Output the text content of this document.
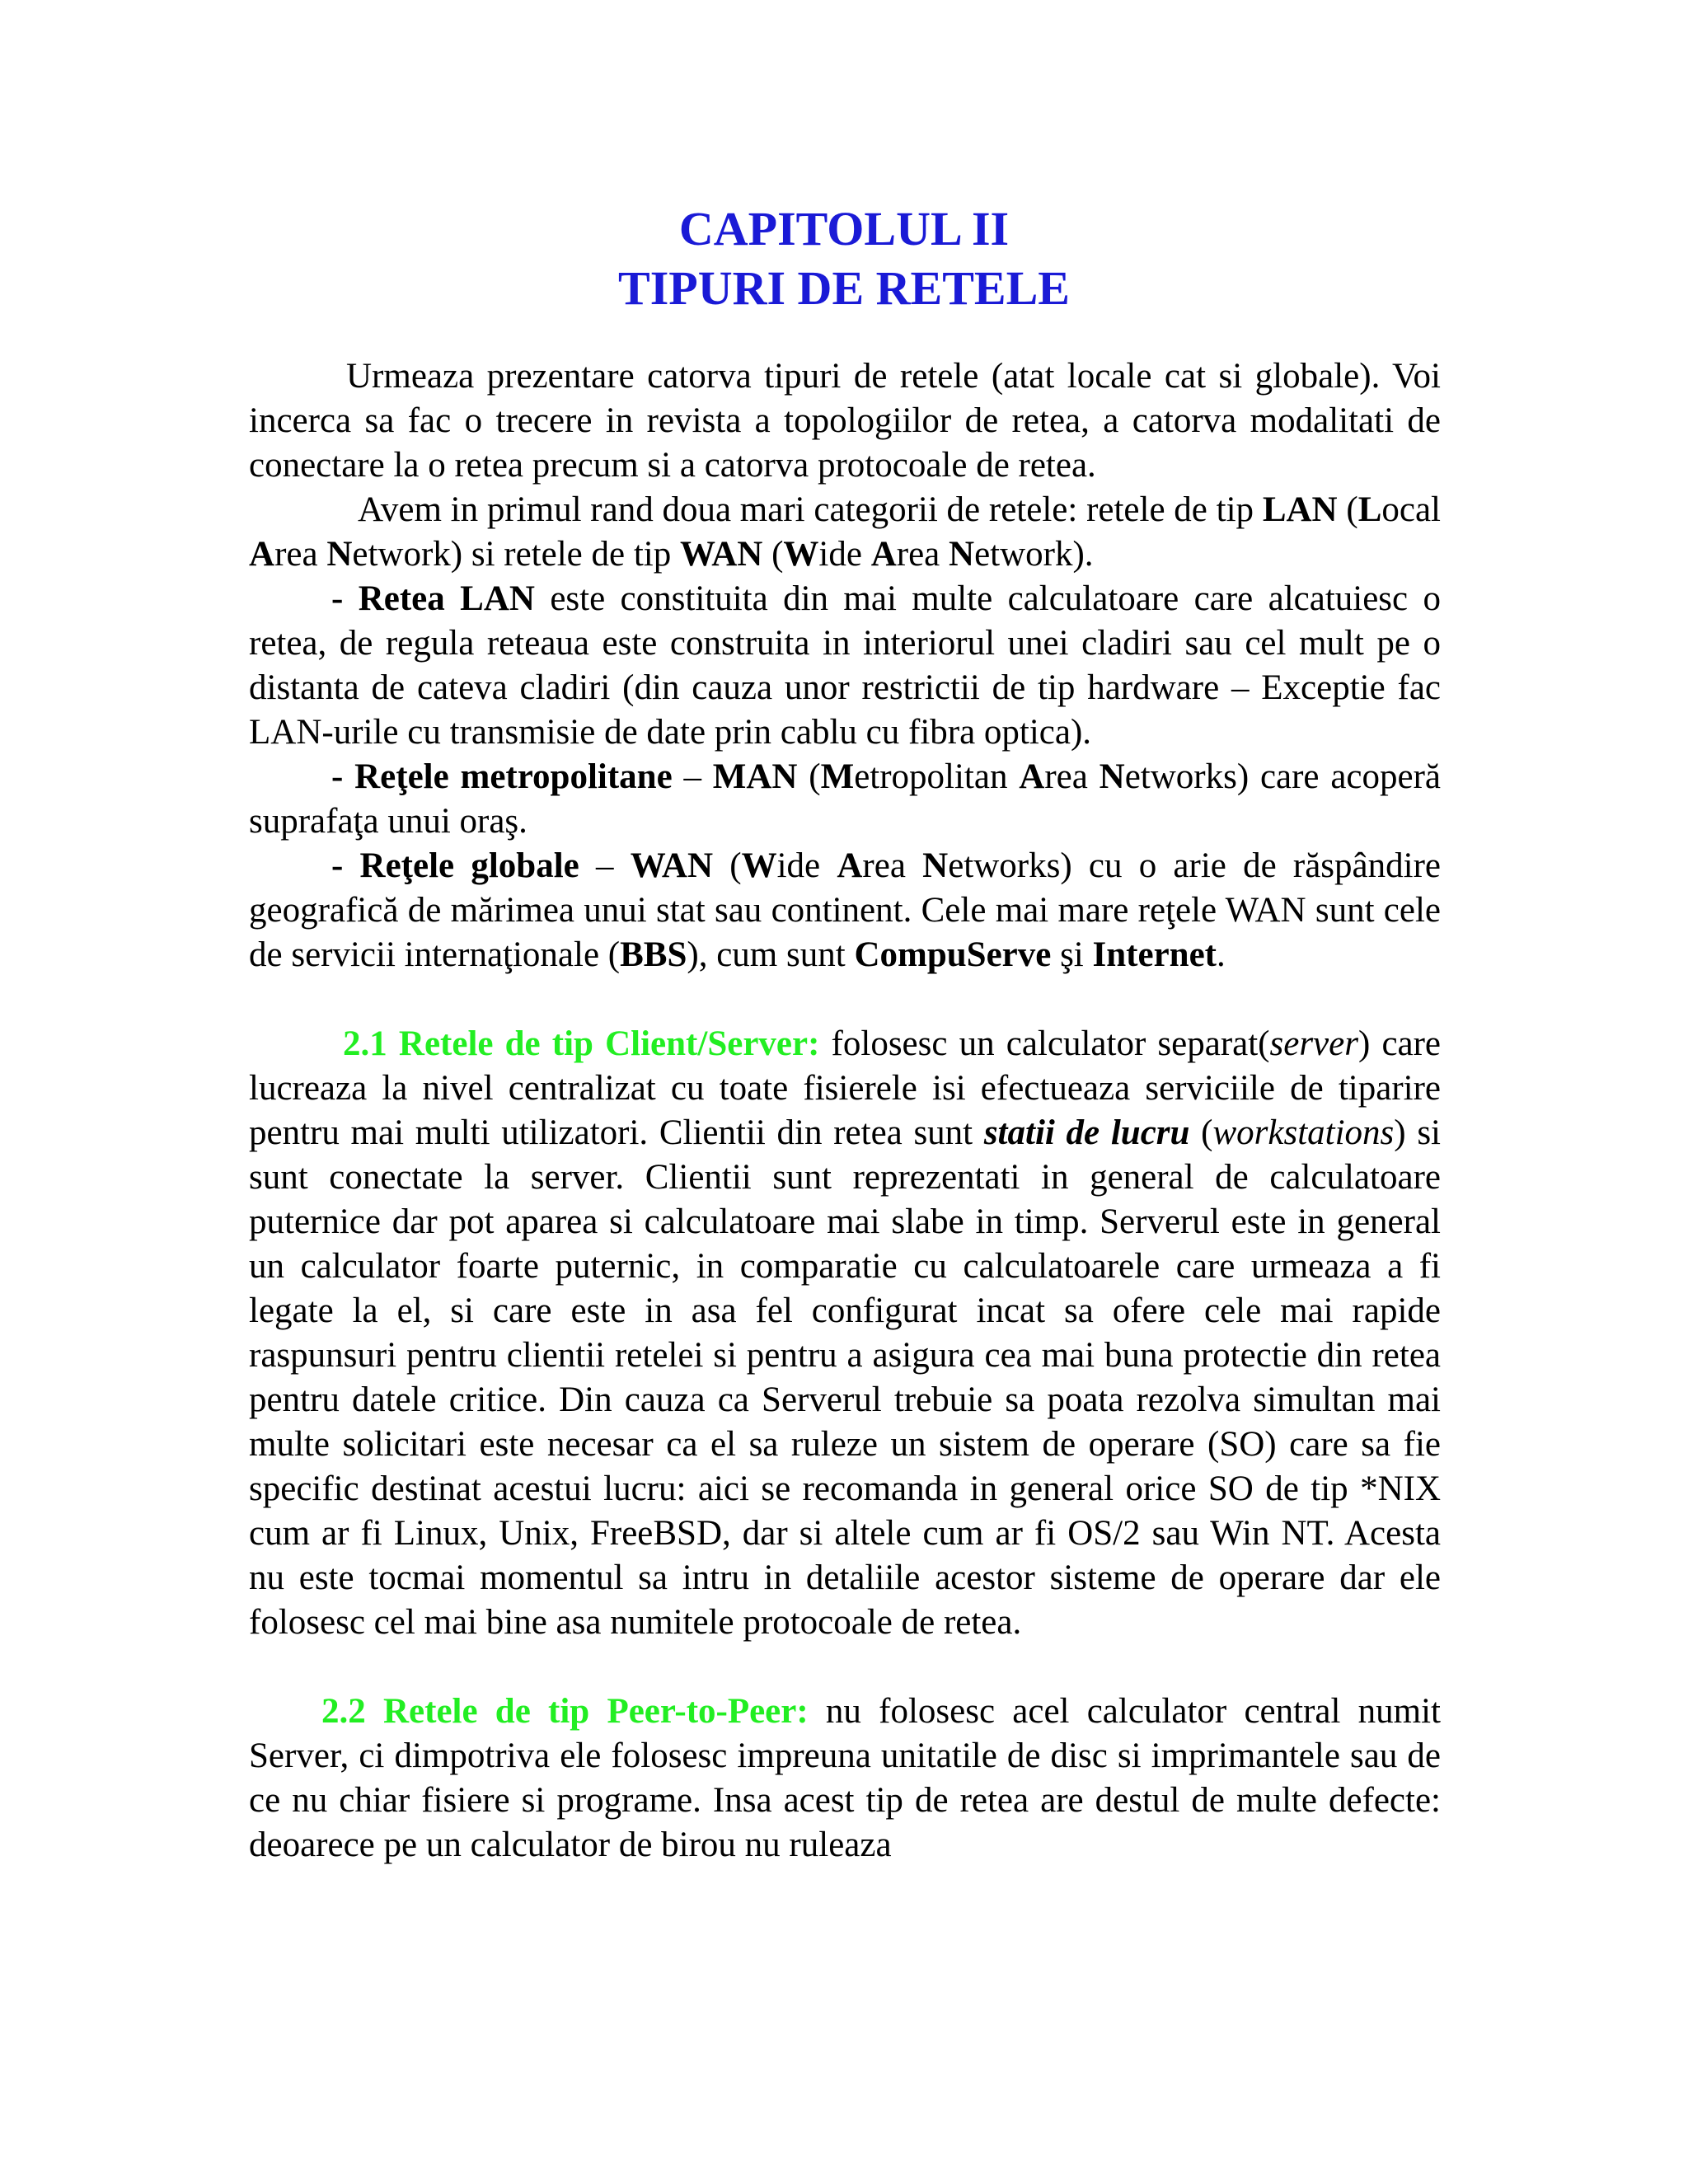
CAPITOLUL II
TIPURI DE RETELE

Urmeaza prezentare catorva tipuri de retele (atat locale cat si globale). Voi incerca sa fac o trecere in revista a topologiilor de retea, a catorva modalitati de conectare la o retea precum si a catorva protocoale de retea.

Avem in primul rand doua mari categorii de retele: retele de tip LAN (Local Area Network) si retele de tip WAN (Wide Area Network).

- Retea LAN este constituita din mai multe calculatoare care alcatuiesc o retea, de regula reteaua este construita in interiorul unei cladiri sau cel mult pe o distanta de cateva cladiri (din cauza unor restrictii de tip hardware – Exceptie fac LAN-urile cu transmisie de date prin cablu cu fibra optica).

- Reţele metropolitane – MAN (Metropolitan Area Networks) care acoperă suprafaţa unui oraş.

- Reţele globale – WAN (Wide Area Networks) cu o arie de răspândire geografică de mărimea unui stat sau continent. Cele mai mare reţele WAN sunt cele de servicii internaţionale (BBS), cum sunt CompuServe şi Internet.

2.1 Retele de tip Client/Server: folosesc un calculator separat(server) care lucreaza la nivel centralizat cu toate fisierele isi efectueaza serviciile de tiparire pentru mai multi utilizatori. Clientii din retea sunt statii de lucru (workstations) si sunt conectate la server. Clientii sunt reprezentati in general de calculatoare puternice dar pot aparea si calculatoare mai slabe in timp. Serverul este in general un calculator foarte puternic, in comparatie cu calculatoarele care urmeaza a fi legate la el, si care este in asa fel configurat incat sa ofere cele mai rapide raspunsuri pentru clientii retelei si pentru a asigura cea mai buna protectie din retea pentru datele critice. Din cauza ca Serverul trebuie sa poata rezolva simultan mai multe solicitari este necesar ca el sa ruleze un sistem de operare (SO) care sa fie specific destinat acestui lucru: aici se recomanda in general orice SO de tip *NIX cum ar fi Linux, Unix, FreeBSD, dar si altele cum ar fi OS/2 sau Win NT. Acesta nu este tocmai momentul sa intru in detaliile acestor sisteme de operare dar ele folosesc cel mai bine asa numitele protocoale de retea.

2.2 Retele de tip Peer-to-Peer: nu folosesc acel calculator central numit Server, ci dimpotriva ele folosesc impreuna unitatile de disc si imprimantele sau de ce nu chiar fisiere si programe. Insa acest tip de retea are destul de multe defecte: deoarece pe un calculator de birou nu ruleaza
